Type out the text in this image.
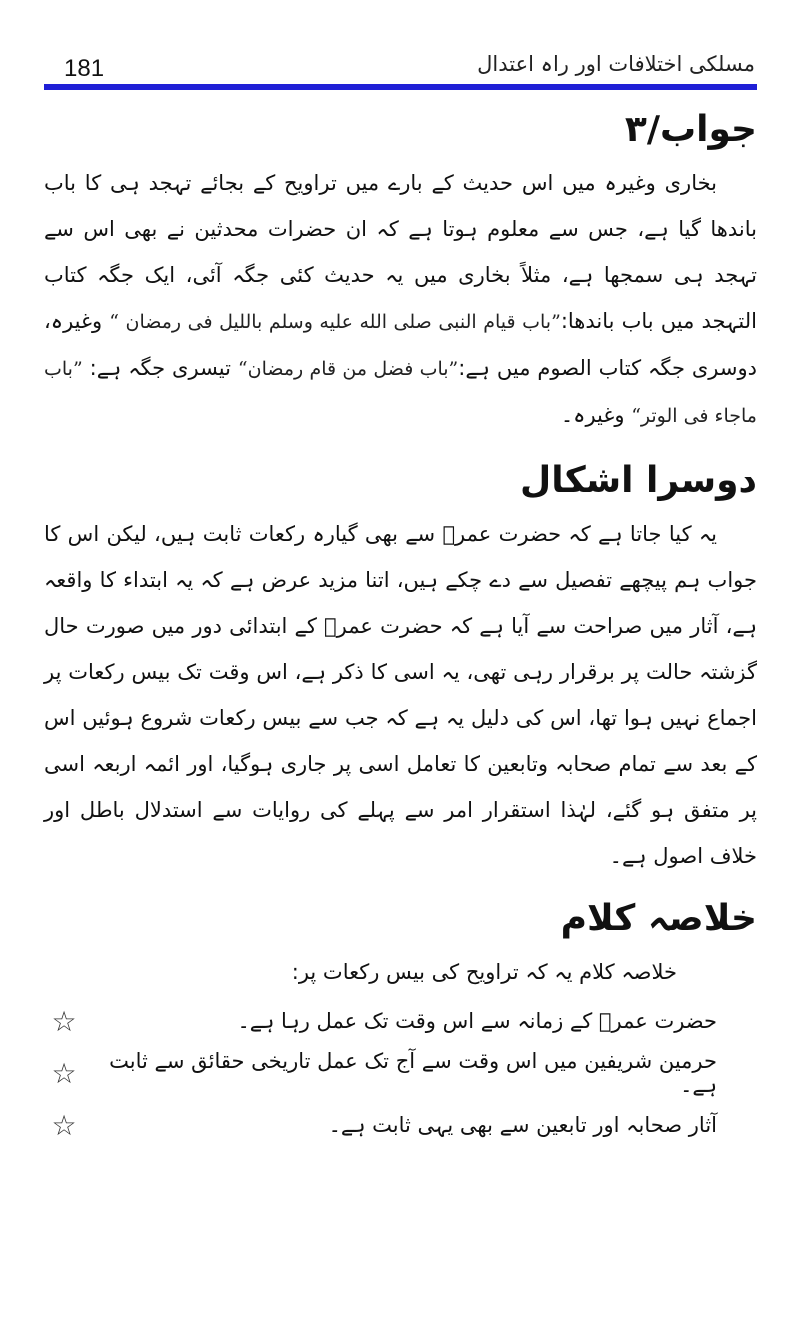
181	مسلکی اختلافات اور راہ اعتدال
جواب/۳

بخاری وغیرہ میں اس حدیث کے بارے میں تراویح کے بجائے تہجد ہی کا باب باندھا گیا ہے، جس سے معلوم ہوتا ہے کہ ان حضرات محدثین نے بھی اس سے تہجد ہی سمجھا ہے، مثلاً بخاری میں یہ حدیث کئی جگہ آئی، ایک جگہ کتاب التہجد میں باب باندھا:”باب قيام النبى صلى الله عليه وسلم بالليل فى رمضان “ وغیرہ، دوسری جگہ کتاب الصوم میں ہے:”باب فضل من قام رمضان“ تیسری جگہ ہے: ”باب ماجاء فى الوتر“ وغیرہ۔

دوسرا اشکال

یہ کیا جاتا ہے کہ حضرت عمرؓ سے بھی گیارہ رکعات ثابت ہیں، لیکن اس کا جواب ہم پیچھے تفصیل سے دے چکے ہیں، اتنا مزید عرض ہے کہ یہ ابتداء کا واقعہ ہے، آثار میں صراحت سے آیا ہے کہ حضرت عمرؓ کے ابتدائی دور میں صورت حال گزشتہ حالت پر برقرار رہی تھی، یہ اسی کا ذکر ہے، اس وقت تک بیس رکعات پر اجماع نہیں ہوا تھا، اس کی دلیل یہ ہے کہ جب سے بیس رکعات شروع ہوئیں اس کے بعد سے تمام صحابہ وتابعین کا تعامل اسی پر جاری ہوگیا، اور ائمہ اربعہ اسی پر متفق ہو گئے، لہٰذا استقرار امر سے پہلے کی روایات سے استدلال باطل اور خلاف اصول ہے۔

خلاصہ کلام

خلاصہ کلام یہ کہ تراویح کی بیس رکعات پر:

حضرت عمرؓ کے زمانہ سے اس وقت تک عمل رہا ہے۔
☆
حرمین شریفین میں اس وقت سے آج تک عمل تاریخی حقائق سے ثابت ہے۔
☆
آثار صحابہ اور تابعین سے بھی یہی ثابت ہے۔
☆
